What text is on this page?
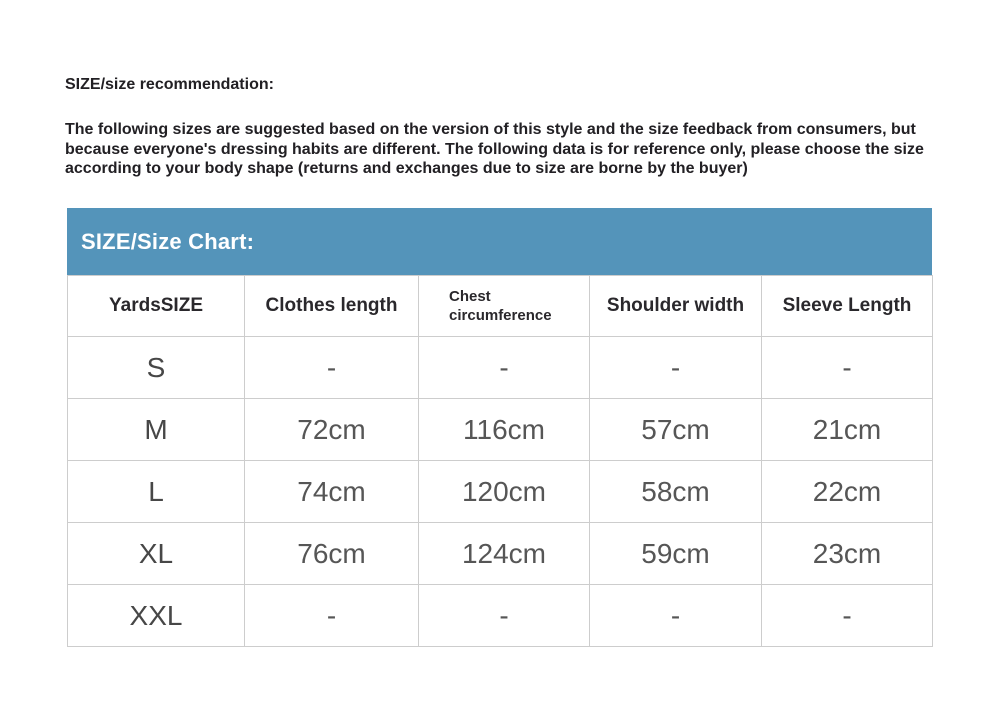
SIZE/size recommendation:
The following sizes are suggested based on the version of this style and the size feedback from consumers, but because everyone's dressing habits are different. The following data is for reference only, please choose the size according to your body shape (returns and exchanges due to size are borne by the buyer)
SIZE/Size Chart:
YardsSIZE	Clothes length	Chest circumference	Shoulder width	Sleeve Length
S	-	-	-	-
M	72cm	116cm	57cm	21cm
L	74cm	120cm	58cm	22cm
XL	76cm	124cm	59cm	23cm
XXL	-	-	-	-
